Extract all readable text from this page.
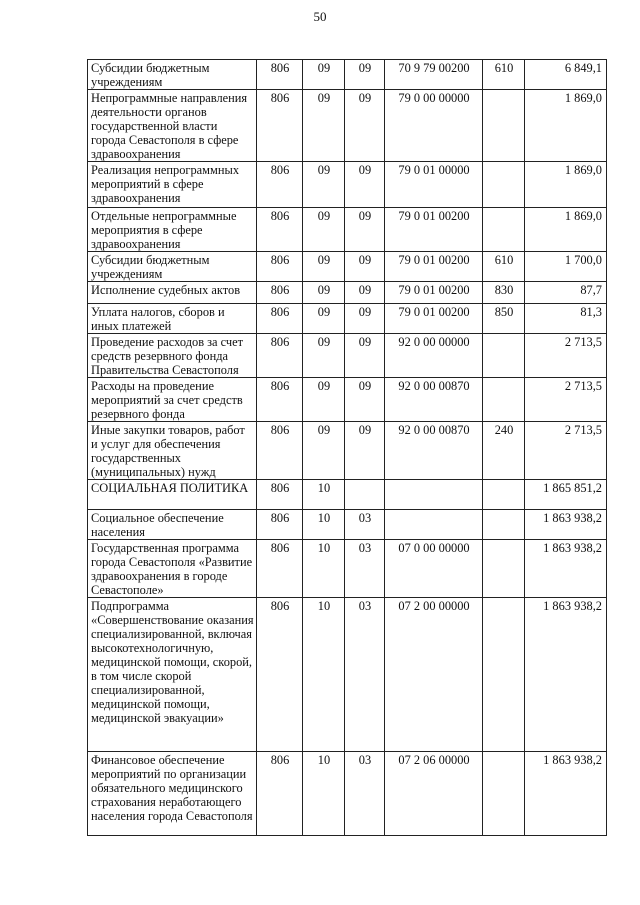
50
Субсидии бюджетным учреждениям	806	09	09	70 9 79 00200	610	6 849,1
Непрограммные направления деятельности органов государственной власти города Севастополя в сфере здравоохранения	806	09	09	79 0 00 00000		1 869,0
Реализация непрограммных мероприятий в сфере здравоохранения	806	09	09	79 0 01 00000		1 869,0
Отдельные непрограммные мероприятия в сфере здравоохранения	806	09	09	79 0 01 00200		1 869,0
Субсидии бюджетным учреждениям	806	09	09	79 0 01 00200	610	1 700,0
Исполнение судебных актов	806	09	09	79 0 01 00200	830	87,7
Уплата налогов, сборов и иных платежей	806	09	09	79 0 01 00200	850	81,3
Проведение расходов за счет средств резервного фонда Правительства Севастополя	806	09	09	92 0 00 00000		2 713,5
Расходы на проведение мероприятий за счет средств резервного фонда	806	09	09	92 0 00 00870		2 713,5
Иные закупки товаров, работ и услуг для обеспечения государственных (муниципальных) нужд	806	09	09	92 0 00 00870	240	2 713,5
СОЦИАЛЬНАЯ ПОЛИТИКА	806	10				1 865 851,2
Социальное обеспечение населения	806	10	03			1 863 938,2
Государственная программа города Севастополя «Развитие здравоохранения в городе Севастополе»	806	10	03	07 0 00 00000		1 863 938,2
Подпрограмма «Совершенствование оказания специализированной, включая высокотехнологичную, медицинской помощи, скорой, в том числе скорой специализированной, медицинской помощи, медицинской эвакуации»	806	10	03	07 2 00 00000		1 863 938,2
Финансовое обеспечение мероприятий по организации обязательного медицинского страхования неработающего населения города Севастополя	806	10	03	07 2 06 00000		1 863 938,2
